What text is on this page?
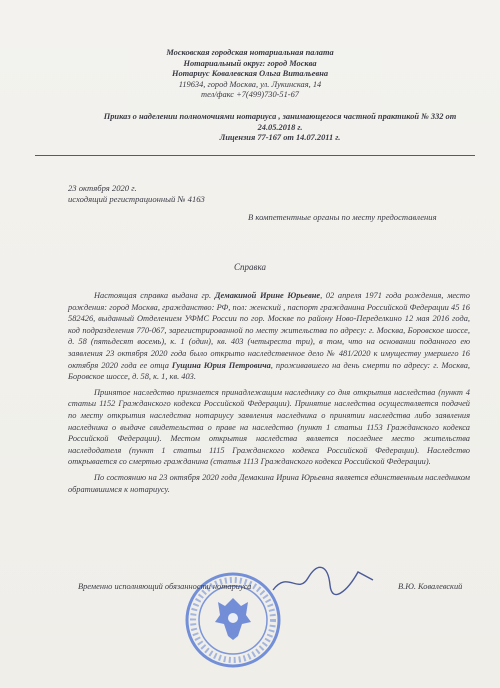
Московская городская нотариальная палата
Нотариальный округ: город Москва
Нотариус Ковалевская Ольга Витальевна
119634, город Москва, ул. Лукинская, 14
тел/факс +7(499)730-51-67
Приказ о наделении полномочиями нотариуса , занимающегося частной практикой № 332 от
24.05.2018 г.
Лицензия 77-167 от 14.07.2011 г.
23 октября 2020 г.
исходящий регистрационный № 4163
В компетентные органы по месту предоставления
Справка

Настоящая справка выдана гр. Демакиной Ирине Юрьевне, 02 апреля 1971 года рождения, место рождения: город Москва, гражданство: РФ, пол: женский , паспорт гражданина Российской Федерации 45 16 582426, выданный Отделением УФМС России по гор. Москве по району Ново-Переделкино 12 мая 2016 года, код подразделения 770-067, зарегистрированной по месту жительства по адресу: г. Москва, Боровское шоссе, д. 58 (пятьдесят восемь), к. 1 (один), кв. 403 (четыреста три), в том, что на основании поданного ею заявления 23 октября 2020 года было открыто наследственное дело № 481/2020 к имуществу умершего 16 октября 2020 года ее отца Гущина Юрия Петровича, проживавшего на день смерти по адресу: г. Москва, Боровское шоссе, д. 58, к. 1, кв. 403.

Принятое наследство признается принадлежащим наследнику со дня открытия наследства (пункт 4 статьи 1152 Гражданского кодекса Российской Федерации). Принятие наследства осуществляется подачей по месту открытия наследства нотариусу заявления наследника о принятии наследства либо заявления наследника о выдаче свидетельства о праве на наследство (пункт 1 статьи 1153 Гражданского кодекса Российской Федерации). Местом открытия наследства является последнее место жительства наследодателя (пункт 1 статьи 1115 Гражданского кодекса Российской Федерации). Наследство открывается со смертью гражданина (статья 1113 Гражданского кодекса Российской Федерации).

По состоянию на 23 октября 2020 года Демакина Ирина Юрьевна является единственным наследником обратившимся к нотариусу.

Временно исполняющий обязанности нотариуса	В.Ю. Ковалевский
